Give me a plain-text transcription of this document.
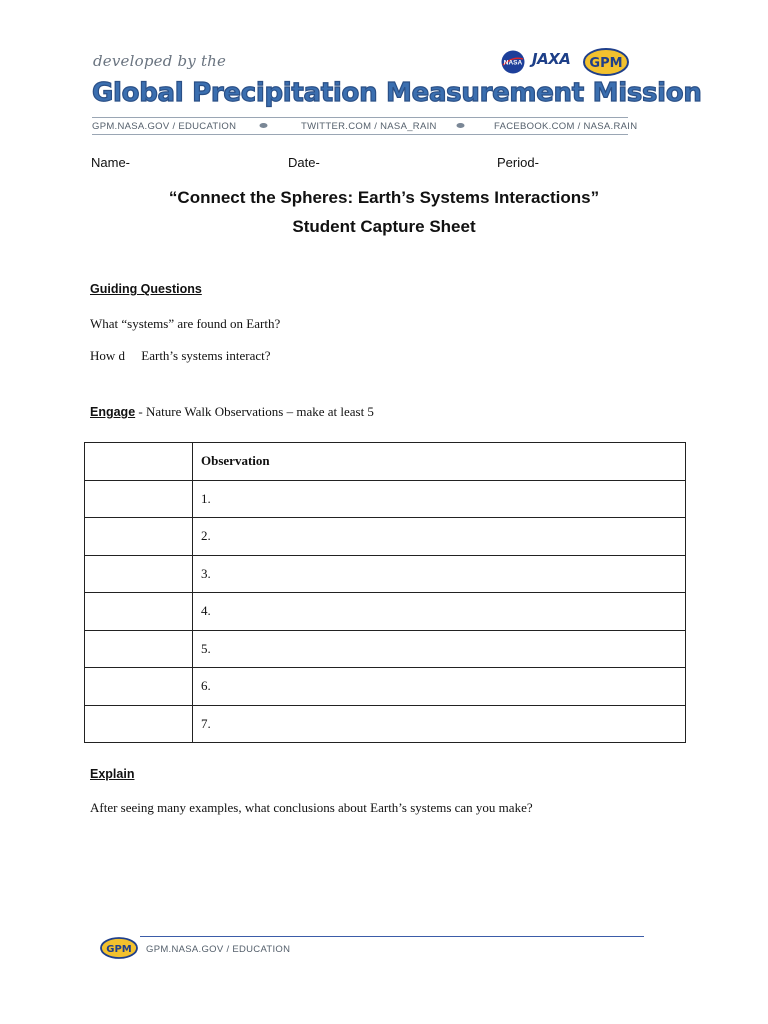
developed by the
Global Precipitation Measurement Mission
NASA JAXA GPM
GPM.NASA.GOV / EDUCATION	TWITTER.COM / NASA_RAIN	FACEBOOK.COM / NASA.RAIN
Name-	Date-	Period-
“Connect the Spheres: Earth’s Systems Interactions”
Student Capture Sheet
Guiding Questions
What “systems” are found on Earth?
How d     Earth’s systems interact?
Engage - Nature Walk Observations – make at least 5
	Observation
	1.
	2.
	3.
	4.
	5.
	6.
	7.
Explain
After seeing many examples, what conclusions about Earth’s systems can you make?
GPM GPM.NASA.GOV / EDUCATION
